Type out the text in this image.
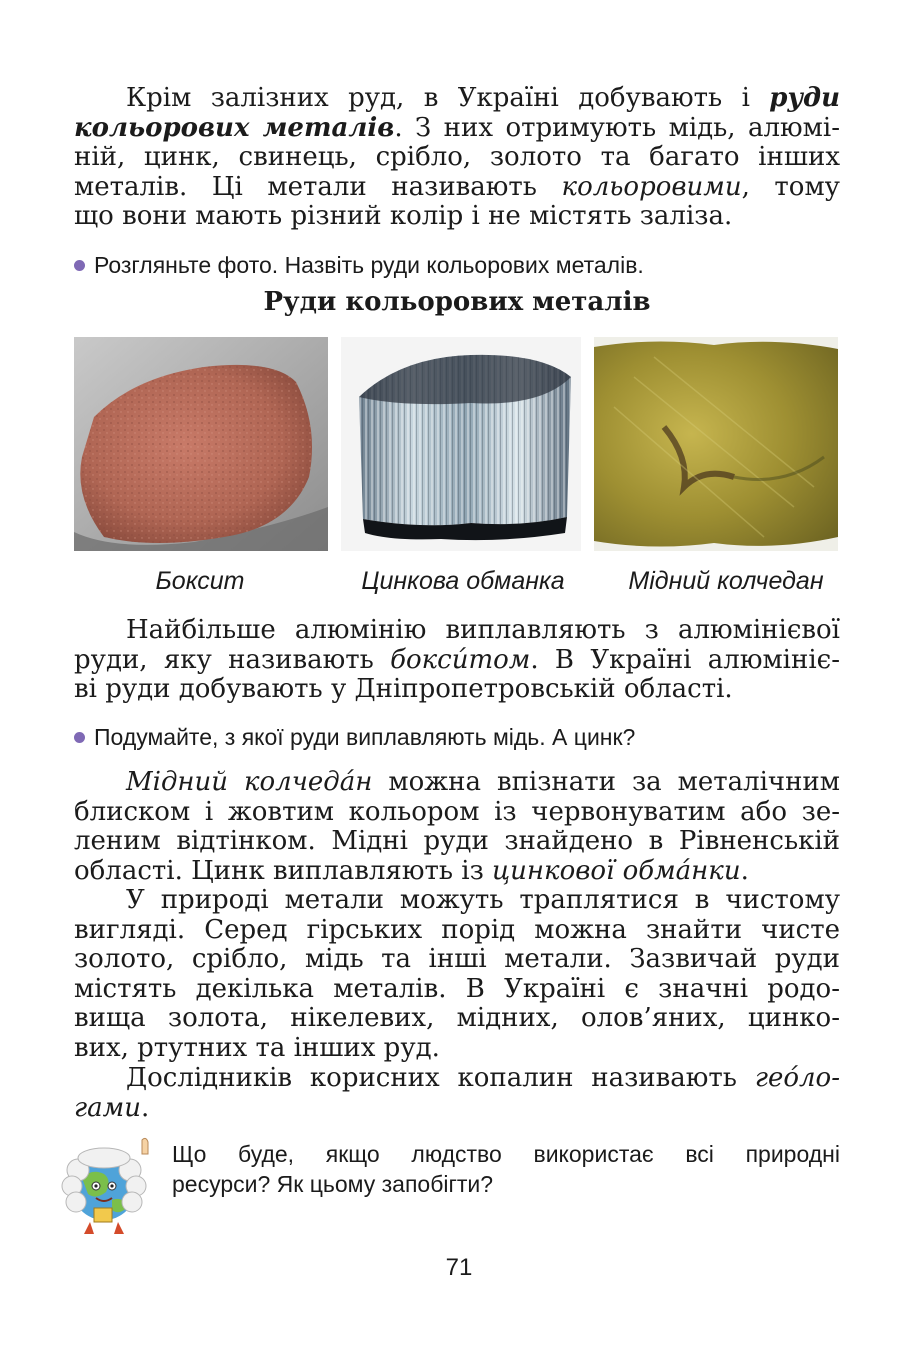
Крім залізних руд, в Україні добувають і руди
кольорових металів. З них отримують мідь, алюмі-
ній, цинк, свинець, срібло, золото та багато інших
металів. Ці метали називають кольоровими, тому
що вони мають різний колір і не містять заліза.

Розгляньте фото. Назвіть руди кольорових металів.
Руди кольорових металів
Боксит	Цинкова обманка	Мідний колчедан

Найбільше алюмінію виплавляють з алюмінієвої
руди, яку називають боксúтом. В Україні алюмініє-
ві руди добувають у Дніпропетровській області.

Подумайте, з якої руди виплавляють мідь. А цинк?

Мідний колчеда́н можна впізнати за металічним
блиском і жовтим кольором із червонуватим або зе-
леним відтінком. Мідні руди знайдено в Рівненській
області. Цинк виплавляють із цинкової обма́нки.

У природі метали можуть траплятися в чистому
вигляді. Серед гірських порід можна знайти чисте
золото, срібло, мідь та інші метали. Зазвичай руди
містять декілька металів. В Україні є значні родо-
вища золота, нікелевих, мідних, олов’яних, цинко-
вих, ртутних та інших руд.

Дослідників корисних копалин називають гео́ло-
гами.

Що буде, якщо людство використає всі природні
ресурси? Як цьому запобігти?
71
